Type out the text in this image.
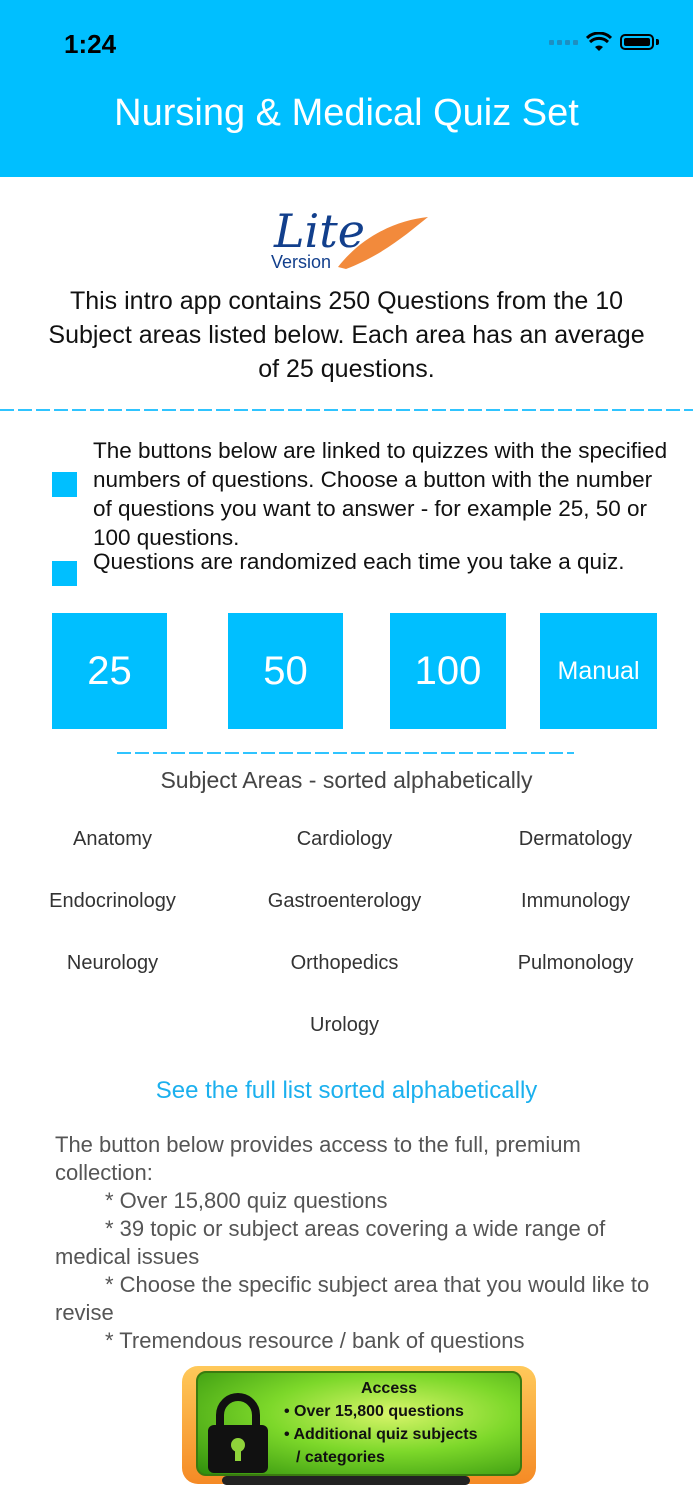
1:24
Nursing & Medical Quiz Set
Lite
Version
This intro app contains 250 Questions from the 10 Subject areas listed below. Each area has an average of 25 questions.
The buttons below are linked to quizzes with the specified numbers of questions. Choose a button with the number of questions you want to answer - for example 25, 50 or 100 questions.
Questions are randomized each time you take a quiz.
25	50	100	Manual
Subject Areas - sorted alphabetically
Anatomy	Cardiology	Dermatology
Endocrinology	Gastroenterology	Immunology
Neurology	Orthopedics	Pulmonology
Urology
See the full list sorted alphabetically
The button below provides access to the full, premium collection:
* Over 15,800 quiz questions
* 39 topic or subject areas covering a wide range of medical issues
* Choose the specific subject area that you would like to revise
* Tremendous resource / bank of questions
Access
• Over 15,800 questions
• Additional quiz subjects
/ categories
